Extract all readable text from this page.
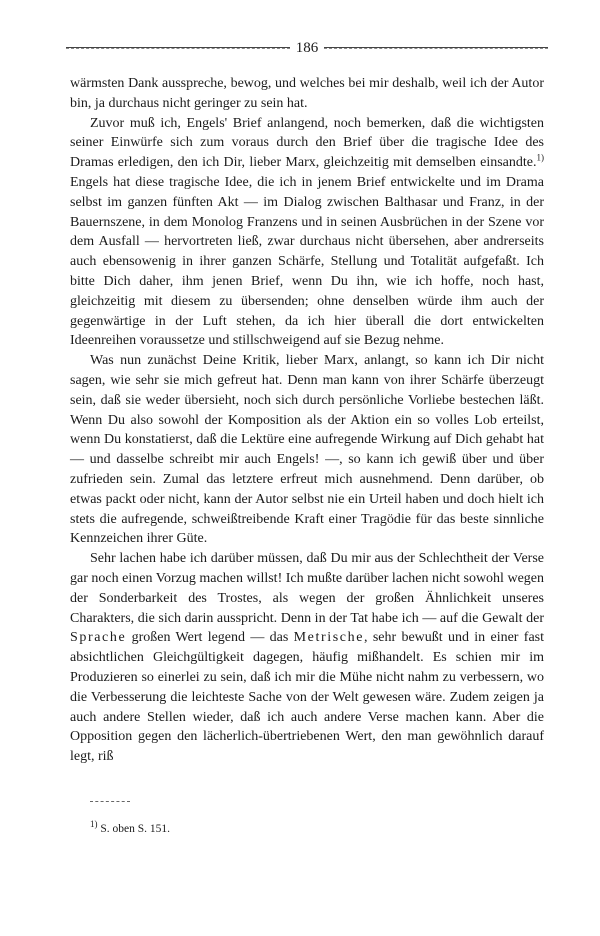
186

wärmsten Dank ausspreche, bewog, und welches bei mir deshalb, weil ich der Autor bin, ja durchaus nicht geringer zu sein hat.

Zuvor muß ich, Engels' Brief anlangend, noch bemerken, daß die wichtigsten seiner Einwürfe sich zum voraus durch den Brief über die tragische Idee des Dramas erledigen, den ich Dir, lieber Marx, gleichzeitig mit demselben einsandte.$^{1)}$ Engels hat diese tragische Idee, die ich in jenem Brief entwickelte und im Drama selbst im ganzen fünften Akt — im Dialog zwischen Balthasar und Franz, in der Bauernszene, in dem Monolog Franzens und in seinen Ausbrüchen in der Szene vor dem Ausfall — hervortreten ließ, zwar durchaus nicht übersehen, aber andrerseits auch ebensowenig in ihrer ganzen Schärfe, Stellung und Totalität aufgefaßt. Ich bitte Dich daher, ihm jenen Brief, wenn Du ihn, wie ich hoffe, noch hast, gleichzeitig mit diesem zu übersenden; ohne denselben würde ihm auch der gegenwärtige in der Luft stehen, da ich hier überall die dort entwickelten Ideenreihen voraussetze und stillschweigend auf sie Bezug nehme.

Was nun zunächst Deine Kritik, lieber Marx, anlangt, so kann ich Dir nicht sagen, wie sehr sie mich gefreut hat. Denn man kann von ihrer Schärfe überzeugt sein, daß sie weder übersieht, noch sich durch persönliche Vorliebe bestechen läßt. Wenn Du also sowohl der Komposition als der Aktion ein so volles Lob erteilst, wenn Du konstatierst, daß die Lektüre eine aufregende Wirkung auf Dich gehabt hat — und dasselbe schreibt mir auch Engels! —, so kann ich gewiß über und über zufrieden sein. Zumal das letztere erfreut mich ausnehmend. Denn darüber, ob etwas packt oder nicht, kann der Autor selbst nie ein Urteil haben und doch hielt ich stets die aufregende, schweißtreibende Kraft einer Tragödie für das beste sinnliche Kennzeichen ihrer Güte.

Sehr lachen habe ich darüber müssen, daß Du mir aus der Schlechtheit der Verse gar noch einen Vorzug machen willst! Ich mußte darüber lachen nicht sowohl wegen der Sonderbarkeit des Trostes, als wegen der großen Ähnlichkeit unseres Charakters, die sich darin ausspricht. Denn in der Tat habe ich — auf die Gewalt der Sprache großen Wert legend — das Metrische, sehr bewußt und in einer fast absichtlichen Gleichgültigkeit dagegen, häufig mißhandelt. Es schien mir im Produzieren so einerlei zu sein, daß ich mir die Mühe nicht nahm zu verbessern, wo die Verbesserung die leichteste Sache von der Welt gewesen wäre. Zudem zeigen ja auch andere Stellen wieder, daß ich auch andere Verse machen kann. Aber die Opposition gegen den lächerlich-übertriebenen Wert, den man gewöhnlich darauf legt, riß

$^{1)}$ S. oben S. 151.
